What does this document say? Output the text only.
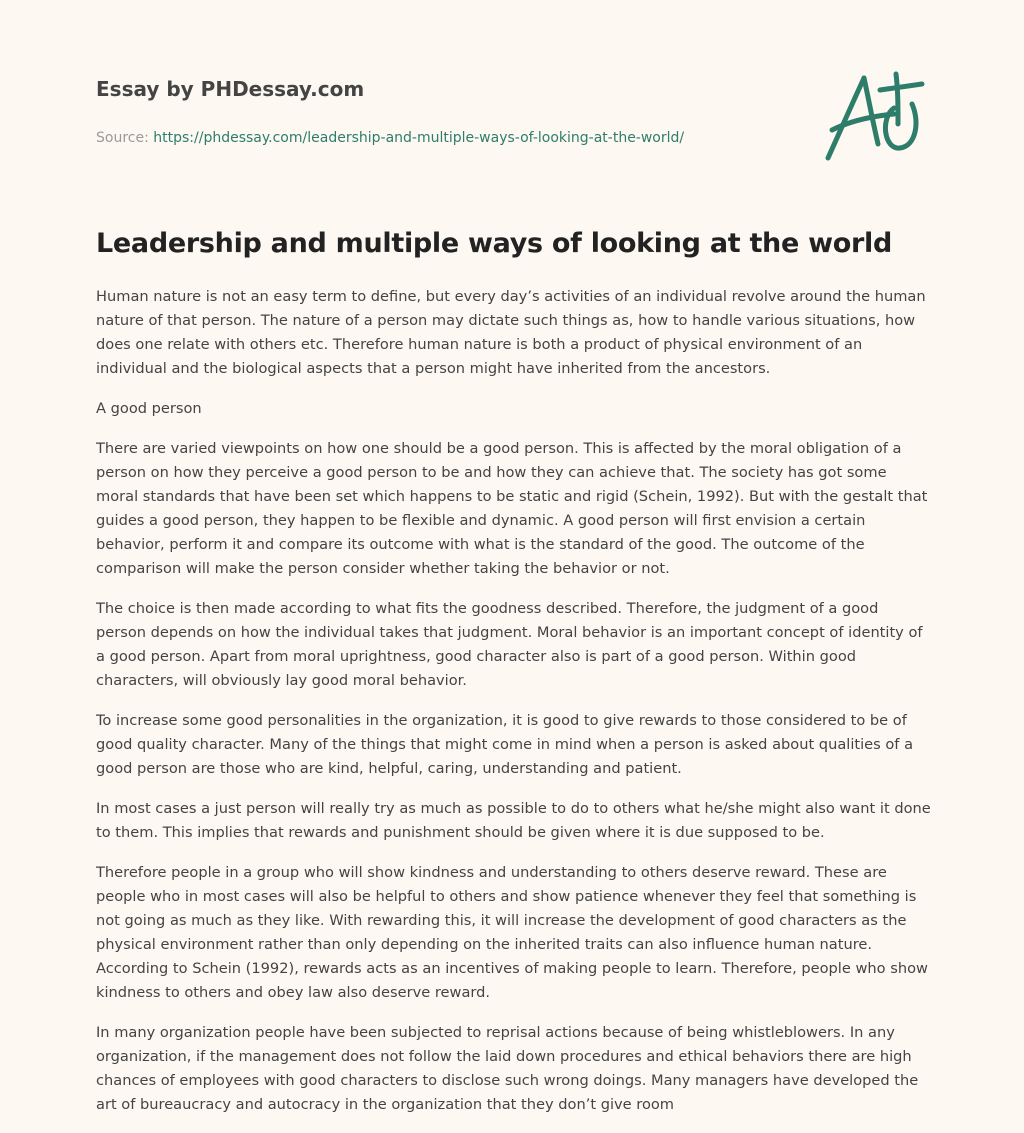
Essay by PHDessay.com
Source: https://phdessay.com/leadership-and-multiple-ways-of-looking-at-the-world/
Leadership and multiple ways of looking at the world

Human nature is not an easy term to define, but every day’s activities of an individual revolve around the human nature of that person. The nature of a person may dictate such things as, how to handle various situations, how does one relate with others etc. Therefore human nature is both a product of physical environment of an individual and the biological aspects that a person might have inherited from the ancestors.

A good person

There are varied viewpoints on how one should be a good person. This is affected by the moral obligation of a person on how they perceive a good person to be and how they can achieve that. The society has got some moral standards that have been set which happens to be static and rigid (Schein, 1992). But with the gestalt that guides a good person, they happen to be flexible and dynamic. A good person will first envision a certain behavior, perform it and compare its outcome with what is the standard of the good. The outcome of the comparison will make the person consider whether taking the behavior or not.

The choice is then made according to what fits the goodness described. Therefore, the judgment of a good person depends on how the individual takes that judgment. Moral behavior is an important concept of identity of a good person. Apart from moral uprightness, good character also is part of a good person. Within good characters, will obviously lay good moral behavior.

To increase some good personalities in the organization, it is good to give rewards to those considered to be of good quality character. Many of the things that might come in mind when a person is asked about qualities of a good person are those who are kind, helpful, caring, understanding and patient.

In most cases a just person will really try as much as possible to do to others what he/she might also want it done to them. This implies that rewards and punishment should be given where it is due supposed to be.

Therefore people in a group who will show kindness and understanding to others deserve reward. These are people who in most cases will also be helpful to others and show patience whenever they feel that something is not going as much as they like. With rewarding this, it will increase the development of good characters as the physical environment rather than only depending on the inherited traits can also influence human nature. According to Schein (1992), rewards acts as an incentives of making people to learn. Therefore, people who show kindness to others and obey law also deserve reward.

In many organization people have been subjected to reprisal actions because of being whistleblowers. In any organization, if the management does not follow the laid down procedures and ethical behaviors there are high chances of employees with good characters to disclose such wrong doings. Many managers have developed the art of bureaucracy and autocracy in the organization that they don’t give room
